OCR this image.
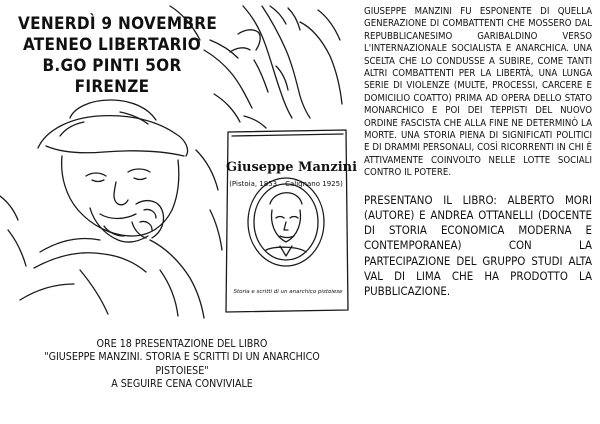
VENERDÌ 9 NOVEMBRE
ATENEO LIBERTARIO
B.GO PINTI 5OR
FIRENZE
Giuseppe Manzini
(Pistoia, 1853 – Calignano 1925)
Storia e scritti di un anarchico pistoiese

GIUSEPPE MANZINI FU ESPONENTE DI QUELLA GENERAZIONE DI COMBATTENTI CHE MOSSERO DAL REPUBBLICANESIMO GARIBALDINO VERSO L'INTERNAZIONALE SOCIALISTA E ANARCHICA. UNA SCELTA CHE LO CONDUSSE A SUBIRE, COME TANTI ALTRI COMBATTENTI PER LA LIBERTÀ, UNA LUNGA SERIE DI VIOLENZE (MULTE, PROCESSI, CARCERE E DOMICILIO COATTO) PRIMA AD OPERA DELLO STATO MONARCHICO E POI DEI TEPPISTI DEL NUOVO ORDINE FASCISTA CHE ALLA FINE NE DETERMINÒ LA MORTE. UNA STORIA PIENA DI SIGNIFICATI POLITICI E DI DRAMMI PERSONALI, COSÌ RICORRENTI IN CHI È ATTIVAMENTE COINVOLTO NELLE LOTTE SOCIALI CONTRO IL POTERE.

PRESENTANO IL LIBRO: ALBERTO MORI (AUTORE) E ANDREA OTTANELLI (DOCENTE DI STORIA ECONOMICA MODERNA E CONTEMPORANEA) CON LA PARTECIPAZIONE DEL GRUPPO STUDI ALTA VAL DI LIMA CHE HA PRODOTTO LA PUBBLICAZIONE.

ORE 18 PRESENTAZIONE DEL LIBRO
"GIUSEPPE MANZINI. STORIA E SCRITTI DI UN ANARCHICO
PISTOIESE"
A SEGUIRE CENA CONVIVIALE
